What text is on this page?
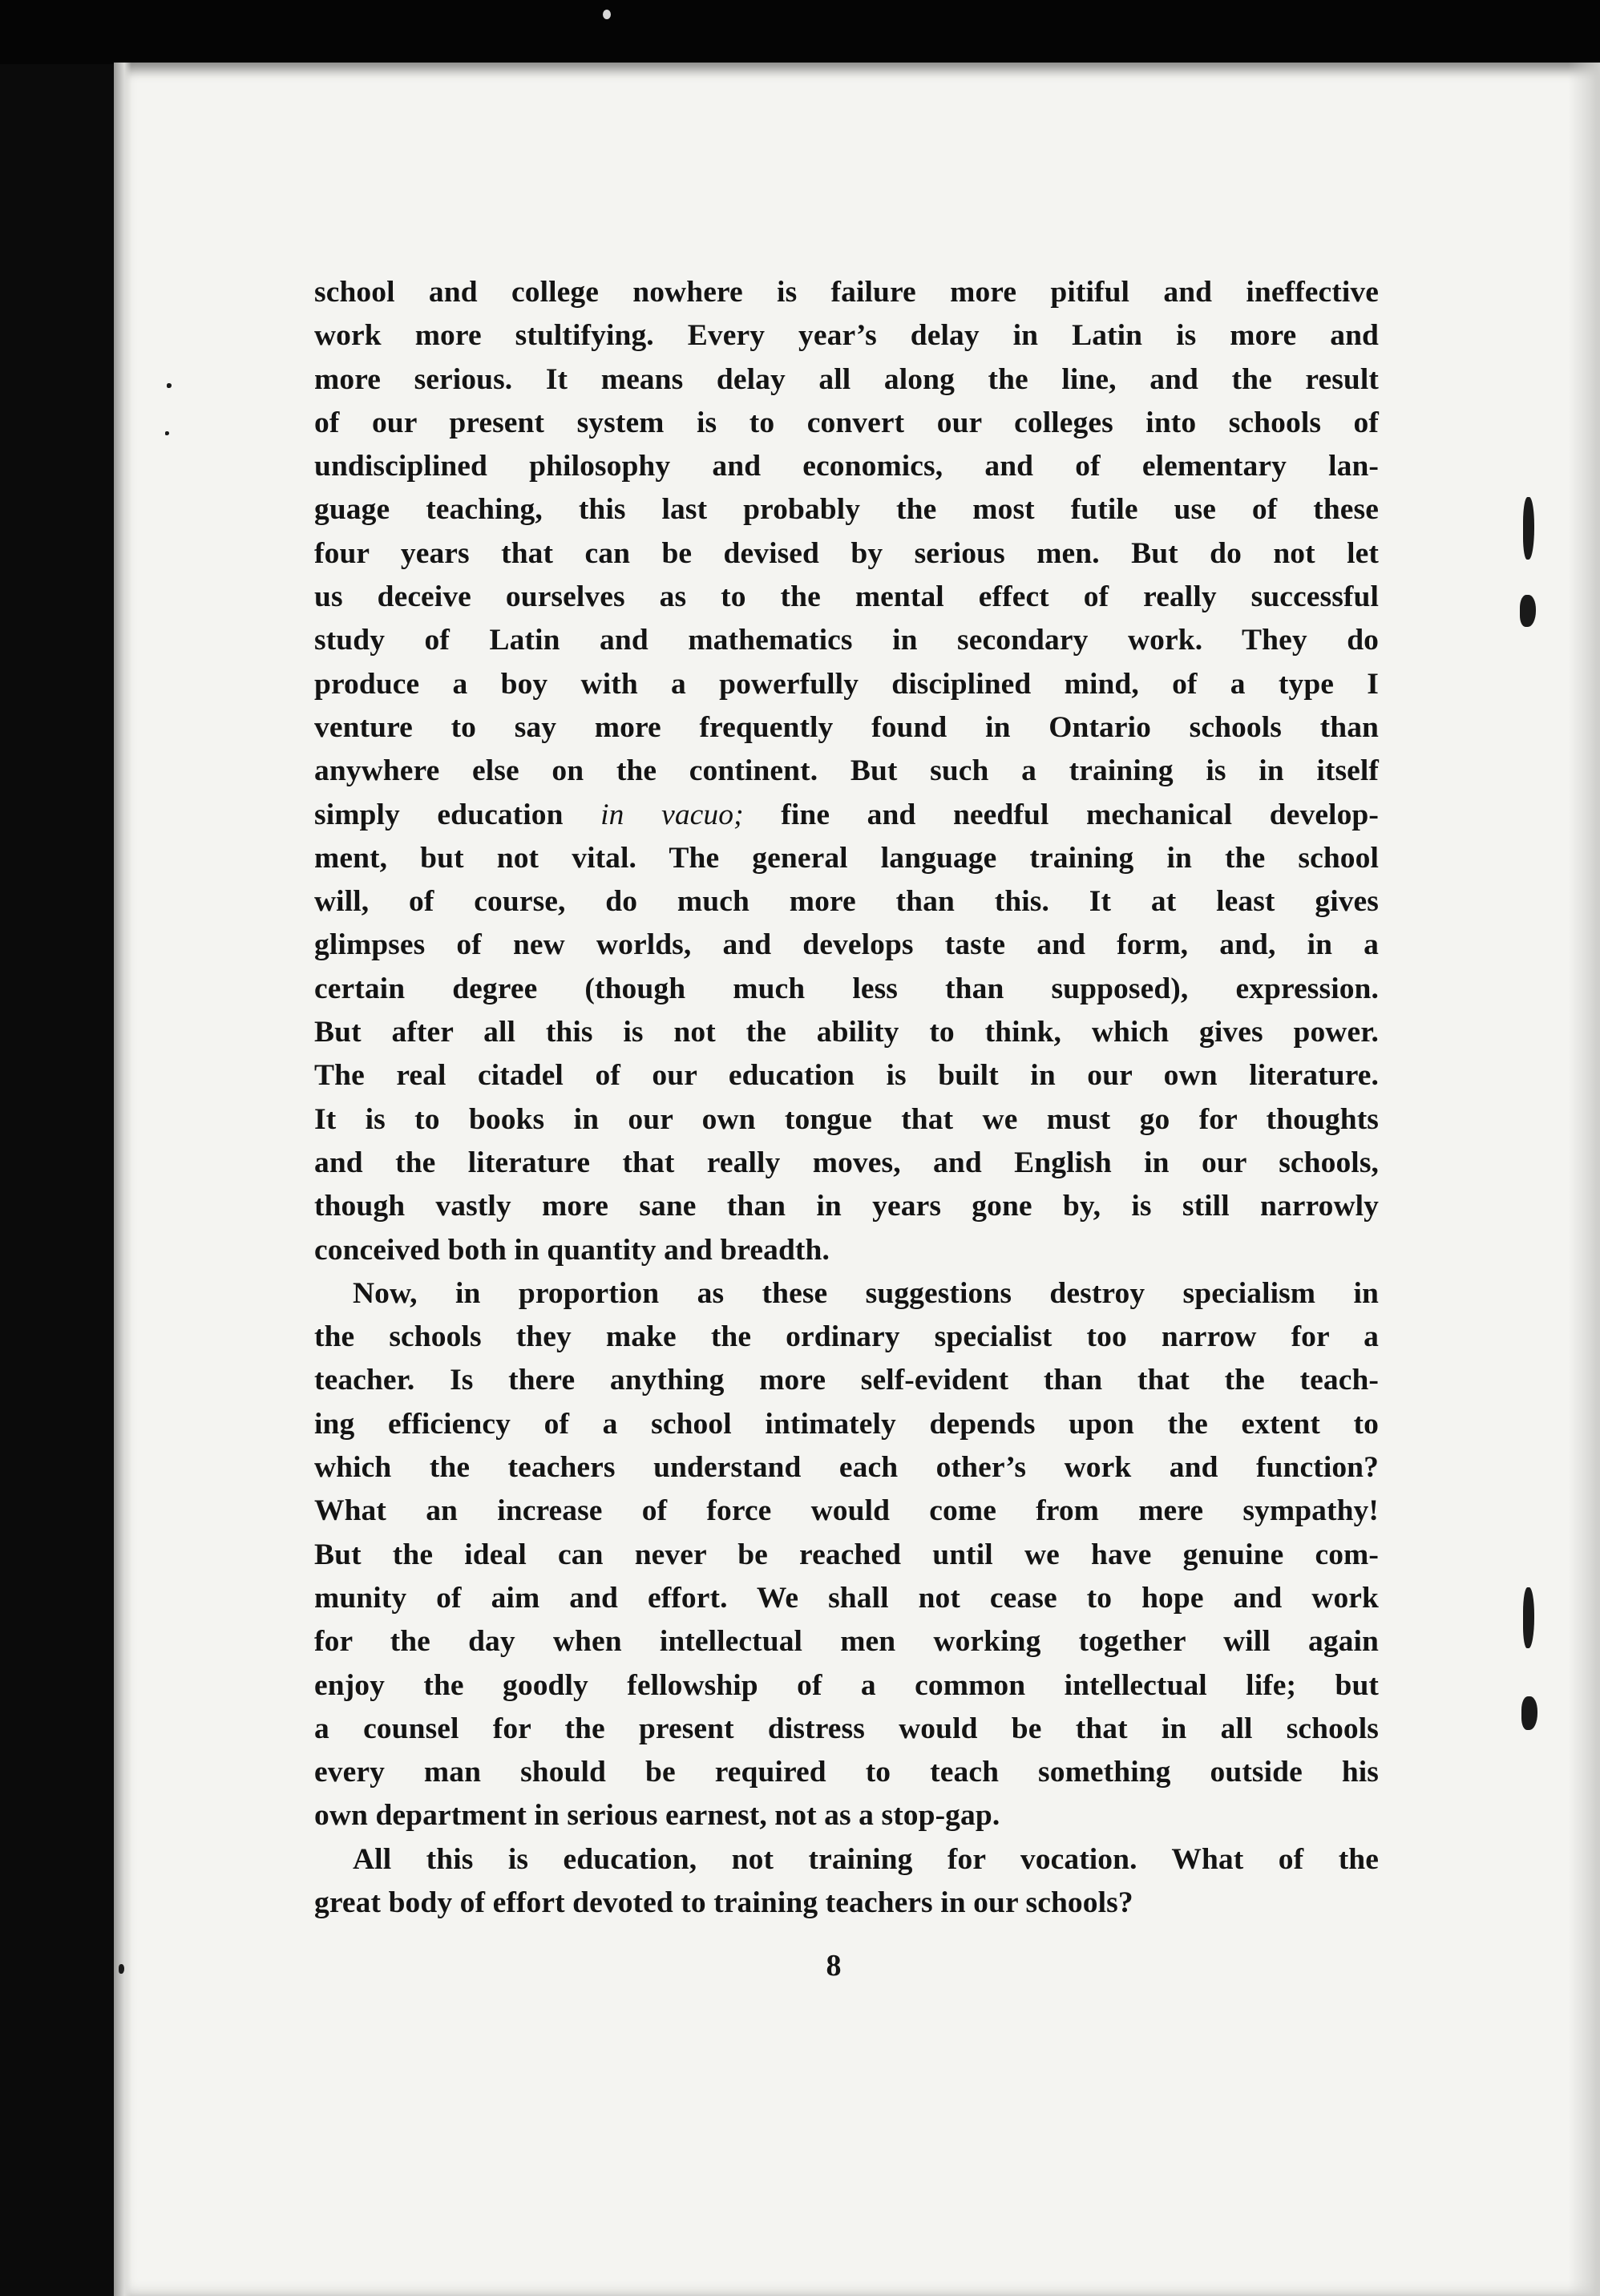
school and college nowhere is failure more pitiful and ineffective
work more stultifying. Every year’s delay in Latin is more and
more serious. It means delay all along the line, and the result
of our present system is to convert our colleges into schools of
undisciplined philosophy and economics, and of elementary lan-
guage teaching, this last probably the most futile use of these
four years that can be devised by serious men. But do not let
us deceive ourselves as to the mental effect of really successful
study of Latin and mathematics in secondary work. They do
produce a boy with a powerfully disciplined mind, of a type I
venture to say more frequently found in Ontario schools than
anywhere else on the continent. But such a training is in itself
simply education in vacuo; fine and needful mechanical develop-
ment, but not vital. The general language training in the school
will, of course, do much more than this. It at least gives
glimpses of new worlds, and develops taste and form, and, in a
certain degree (though much less than supposed), expression.
But after all this is not the ability to think, which gives power.
The real citadel of our education is built in our own literature.
It is to books in our own tongue that we must go for thoughts
and the literature that really moves, and English in our schools,
though vastly more sane than in years gone by, is still narrowly
conceived both in quantity and breadth.

Now, in proportion as these suggestions destroy specialism in
the schools they make the ordinary specialist too narrow for a
teacher. Is there anything more self-evident than that the teach-
ing efficiency of a school intimately depends upon the extent to
which the teachers understand each other’s work and function?
What an increase of force would come from mere sympathy!
But the ideal can never be reached until we have genuine com-
munity of aim and effort. We shall not cease to hope and work
for the day when intellectual men working together will again
enjoy the goodly fellowship of a common intellectual life; but
a counsel for the present distress would be that in all schools
every man should be required to teach something outside his
own department in serious earnest, not as a stop-gap.

All this is education, not training for vocation. What of the
great body of effort devoted to training teachers in our schools?

8
